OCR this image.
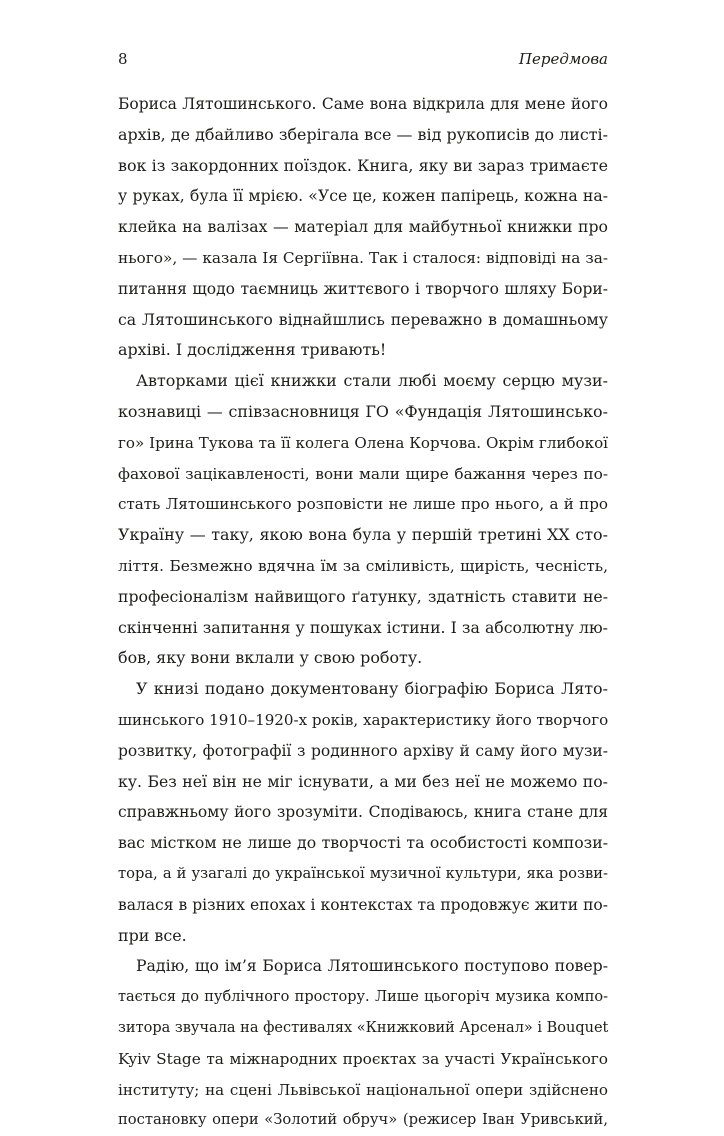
8	Передмова
Бориса Лятошинського. Саме вона відкрила для мене його
архів, де дбайливо зберігала все — від рукописів до листі-
вок із закордонних поїздок. Книга, яку ви зараз тримаєте
у руках, була її мрією. «Усе це, кожен папірець, кожна на-
клейка на валізах — матеріал для майбутньої книжки про
нього», — казала Ія Сергіївна. Так і сталося: відповіді на за-
питання щодо таємниць життєвого і творчого шляху Бори-
са Лятошинського віднайшлись переважно в домашньому
архіві. І дослідження тривають!
Авторками цієї книжки стали любі моєму серцю музи-
кознавиці — співзасновниця ГО «Фундація Лятошинсько-
го» Ірина Тукова та її колега Олена Корчова. Окрім глибокої
фахової зацікавленості, вони мали щире бажання через по-
стать Лятошинського розповісти не лише про нього, а й про
Україну — таку, якою вона була у першій третині XX сто-
ліття. Безмежно вдячна їм за сміливість, щирість, чесність,
професіоналізм найвищого ґатунку, здатність ставити не-
скінченні запитання у пошуках істини. І за абсолютну лю-
бов, яку вони вклали у свою роботу.
У книзі подано документовану біографію Бориса Лято-
шинського 1910–1920-х років, характеристику його творчого
розвитку, фотографії з родинного архіву й саму його музи-
ку. Без неї він не міг існувати, а ми без неї не можемо по-
справжньому його зрозуміти. Сподіваюсь, книга стане для
вас містком не лише до творчості та особистості компози-
тора, а й узагалі до української музичної культури, яка розви-
валася в різних епохах і контекстах та продовжує жити по-
при все.
Радію, що ім’я Бориса Лятошинського поступово повер-
тається до публічного простору. Лише цьогоріч музика компо-
зитора звучала на фестивалях «Книжковий Арсенал» і Bouquet
Kyiv Stage та міжнародних проєктах за участі Українського
інституту; на сцені Львівської національної опери здійснено
постановку опери «Золотий обруч» (режисер Іван Уривський,
